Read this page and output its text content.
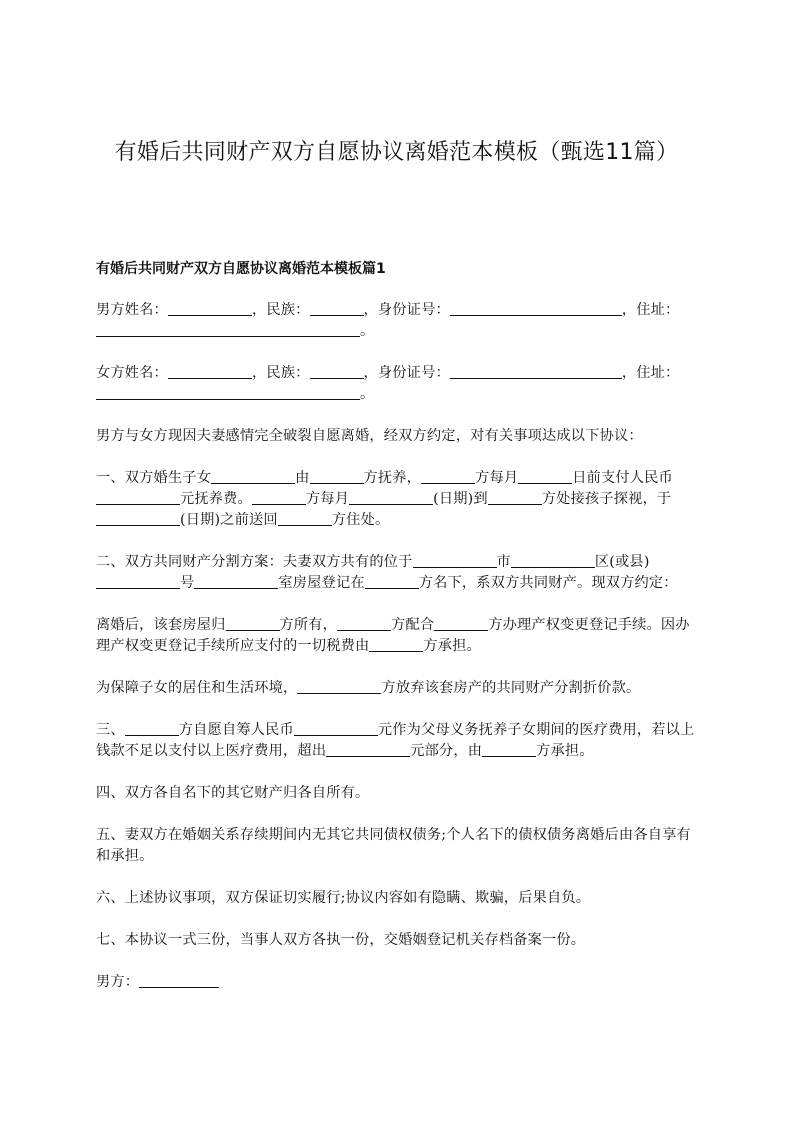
有婚后共同财产双方自愿协议离婚范本模板（甄选11篇）
有婚后共同财产双方自愿协议离婚范本模板篇1

男方姓名：	，民族：	，身份证号：	，住址：。

女方姓名：	，民族：	，身份证号：	，住址：。

男方与女方现因夫妻感情完全破裂自愿离婚，经双方约定，对有关事项达成以下协议：

一、双方婚生子女	由	方抚养，	方每月	日前支付人民币元抚养费。	方每月	(日期)到	方处接孩子探视，于(日期)之前送回	方住处。

二、双方共同财产分割方案：夫妻双方共有的位于	市	区(或县)号	室房屋登记在	方名下，系双方共同财产。现双方约定：

离婚后，该套房屋归	方所有，	方配合	方办理产权变更登记手续。因办理产权变更登记手续所应支付的一切税费由	方承担。

为保障子女的居住和生活环境，	方放弃该套房产的共同财产分割折价款。

三、	方自愿自筹人民币	元作为父母义务抚养子女期间的医疗费用，若以上钱款不足以支付以上医疗费用，超出	元部分，由	方承担。

四、双方各自名下的其它财产归各自所有。

五、妻双方在婚姻关系存续期间内无其它共同债权债务;个人名下的债权债务离婚后由各自享有和承担。

六、上述协议事项，双方保证切实履行;协议内容如有隐瞒、欺骗，后果自负。

七、本协议一式三份，当事人双方各执一份，交婚姻登记机关存档备案一份。

男方：
